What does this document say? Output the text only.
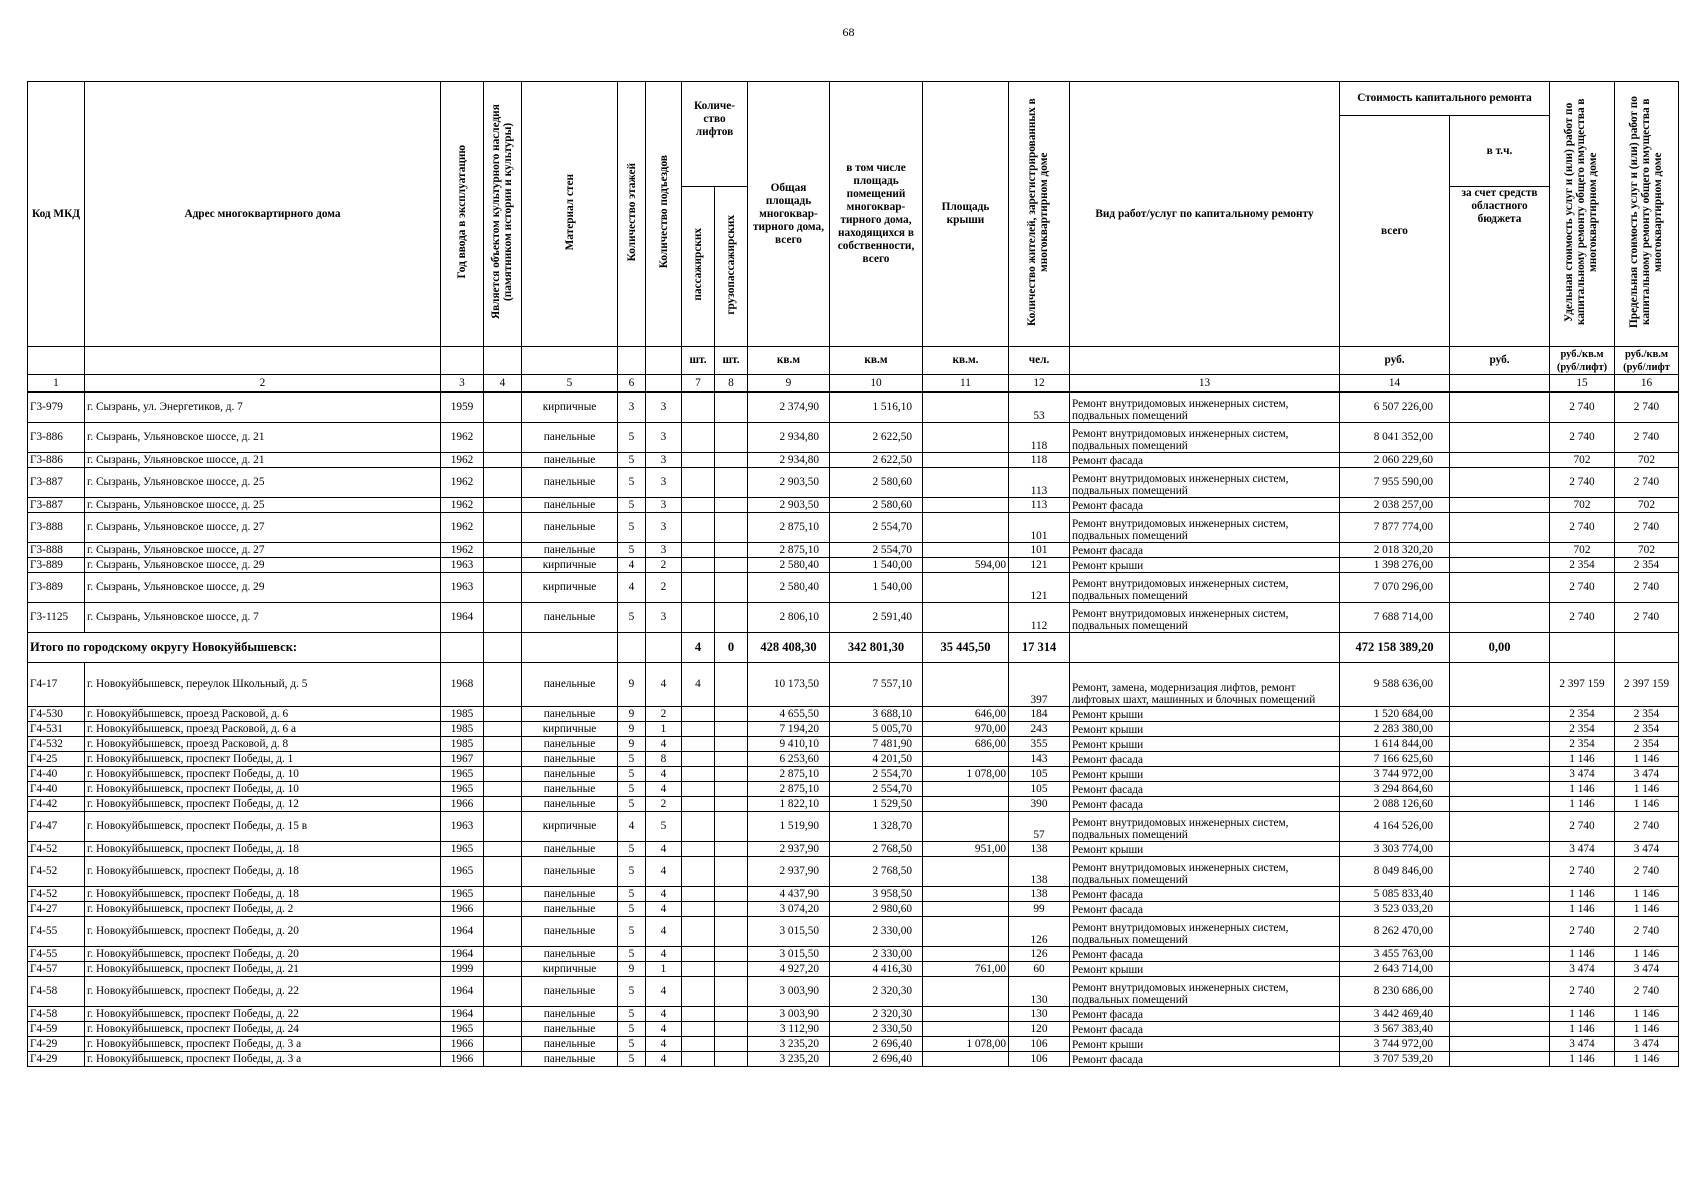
68
Код МКД	Адрес многоквартирного дома	Год ввода в эксплуатацию	Является объектом культурного наследия (памятником истории и культуры)	Материал стен	Количество этажей	Количество подъездов	Количе-ство лифтов		Общая площадь многоквар-тирного дома, всего	в том числе площадь помещений многоквар-тирного дома, находящихся в собственности, всего	Площадь крыши	Количество жителей, зарегистрированных в многоквартирном доме	Вид работ/услуг по капитальному ремонту	Стоимость капитального ремонта		Удельная стоимость услуг и (или) работ по капитальному ремонту общего имущества в многоквартирном доме	Предельная стоимость услуг и (или) работ по капитальному ремонту общего имущества в многоквартирном доме
														всего	в т.ч.		
							пассажирских	грузопассажирских							за счет средств областного бюджета		
							шт.	шт.	кв.м	кв.м	кв.м.	чел.		руб.	руб.	руб./кв.м (руб/лифт)	руб./кв.м (руб/лифт
1	2	3	4	5	6		7	8	9	10	11	12	13	14		15	16
Г3-979	г. Сызрань, ул. Энергетиков, д. 7	1959		кирпичные	3	3			2 374,90	1 516,10		53	Ремонт внутридомовых инженерных систем, подвальных помещений	6 507 226,00		2 740	2 740
Г3-886	г. Сызрань, Ульяновское шоссе, д. 21	1962		панельные	5	3			2 934,80	2 622,50		118	Ремонт внутридомовых инженерных систем, подвальных помещений	8 041 352,00		2 740	2 740
Г3-886	г. Сызрань, Ульяновское шоссе, д. 21	1962		панельные	5	3			2 934,80	2 622,50		118	Ремонт фасада	2 060 229,60		702	702
Г3-887	г. Сызрань, Ульяновское шоссе, д. 25	1962		панельные	5	3			2 903,50	2 580,60		113	Ремонт внутридомовых инженерных систем, подвальных помещений	7 955 590,00		2 740	2 740
Г3-887	г. Сызрань, Ульяновское шоссе, д. 25	1962		панельные	5	3			2 903,50	2 580,60		113	Ремонт фасада	2 038 257,00		702	702
Г3-888	г. Сызрань, Ульяновское шоссе, д. 27	1962		панельные	5	3			2 875,10	2 554,70		101	Ремонт внутридомовых инженерных систем, подвальных помещений	7 877 774,00		2 740	2 740
Г3-888	г. Сызрань, Ульяновское шоссе, д. 27	1962		панельные	5	3			2 875,10	2 554,70		101	Ремонт фасада	2 018 320,20		702	702
Г3-889	г. Сызрань, Ульяновское шоссе, д. 29	1963		кирпичные	4	2			2 580,40	1 540,00	594,00	121	Ремонт крыши	1 398 276,00		2 354	2 354
Г3-889	г. Сызрань, Ульяновское шоссе, д. 29	1963		кирпичные	4	2			2 580,40	1 540,00		121	Ремонт внутридомовых инженерных систем, подвальных помещений	7 070 296,00		2 740	2 740
Г3-1125	г. Сызрань, Ульяновское шоссе, д. 7	1964		панельные	5	3			2 806,10	2 591,40		112	Ремонт внутридомовых инженерных систем, подвальных помещений	7 688 714,00		2 740	2 740
Итого по городскому округу Новокуйбышевск:							4	0	428 408,30	342 801,30	35 445,50	17 314		472 158 389,20	0,00		
Г4-17	г. Новокуйбышевск, переулок Школьный, д. 5	1968		панельные	9	4	4		10 173,50	7 557,10		397	Ремонт, замена, модернизация лифтов, ремонт лифтовых шахт, машинных и блочных помещений	9 588 636,00		2 397 159	2 397 159
Г4-530	г. Новокуйбышевск, проезд Расковой, д. 6	1985		панельные	9	2			4 655,50	3 688,10	646,00	184	Ремонт крыши	1 520 684,00		2 354	2 354
Г4-531	г. Новокуйбышевск, проезд Расковой, д. 6 а	1985		кирпичные	9	1			7 194,20	5 005,70	970,00	243	Ремонт крыши	2 283 380,00		2 354	2 354
Г4-532	г. Новокуйбышевск, проезд Расковой, д. 8	1985		панельные	9	4			9 410,10	7 481,90	686,00	355	Ремонт крыши	1 614 844,00		2 354	2 354
Г4-25	г. Новокуйбышевск, проспект Победы, д. 1	1967		панельные	5	8			6 253,60	4 201,50		143	Ремонт фасада	7 166 625,60		1 146	1 146
Г4-40	г. Новокуйбышевск, проспект Победы, д. 10	1965		панельные	5	4			2 875,10	2 554,70	1 078,00	105	Ремонт крыши	3 744 972,00		3 474	3 474
Г4-40	г. Новокуйбышевск, проспект Победы, д. 10	1965		панельные	5	4			2 875,10	2 554,70		105	Ремонт фасада	3 294 864,60		1 146	1 146
Г4-42	г. Новокуйбышевск, проспект Победы, д. 12	1966		панельные	5	2			1 822,10	1 529,50		390	Ремонт фасада	2 088 126,60		1 146	1 146
Г4-47	г. Новокуйбышевск, проспект Победы, д. 15 в	1963		кирпичные	4	5			1 519,90	1 328,70		57	Ремонт внутридомовых инженерных систем, подвальных помещений	4 164 526,00		2 740	2 740
Г4-52	г. Новокуйбышевск, проспект Победы, д. 18	1965		панельные	5	4			2 937,90	2 768,50	951,00	138	Ремонт крыши	3 303 774,00		3 474	3 474
Г4-52	г. Новокуйбышевск, проспект Победы, д. 18	1965		панельные	5	4			2 937,90	2 768,50		138	Ремонт внутридомовых инженерных систем, подвальных помещений	8 049 846,00		2 740	2 740
Г4-52	г. Новокуйбышевск, проспект Победы, д. 18	1965		панельные	5	4			4 437,90	3 958,50		138	Ремонт фасада	5 085 833,40		1 146	1 146
Г4-27	г. Новокуйбышевск, проспект Победы, д. 2	1966		панельные	5	4			3 074,20	2 980,60		99	Ремонт фасада	3 523 033,20		1 146	1 146
Г4-55	г. Новокуйбышевск, проспект Победы, д. 20	1964		панельные	5	4			3 015,50	2 330,00		126	Ремонт внутридомовых инженерных систем, подвальных помещений	8 262 470,00		2 740	2 740
Г4-55	г. Новокуйбышевск, проспект Победы, д. 20	1964		панельные	5	4			3 015,50	2 330,00		126	Ремонт фасада	3 455 763,00		1 146	1 146
Г4-57	г. Новокуйбышевск, проспект Победы, д. 21	1999		кирпичные	9	1			4 927,20	4 416,30	761,00	60	Ремонт крыши	2 643 714,00		3 474	3 474
Г4-58	г. Новокуйбышевск, проспект Победы, д. 22	1964		панельные	5	4			3 003,90	2 320,30		130	Ремонт внутридомовых инженерных систем, подвальных помещений	8 230 686,00		2 740	2 740
Г4-58	г. Новокуйбышевск, проспект Победы, д. 22	1964		панельные	5	4			3 003,90	2 320,30		130	Ремонт фасада	3 442 469,40		1 146	1 146
Г4-59	г. Новокуйбышевск, проспект Победы, д. 24	1965		панельные	5	4			3 112,90	2 330,50		120	Ремонт фасада	3 567 383,40		1 146	1 146
Г4-29	г. Новокуйбышевск, проспект Победы, д. 3 а	1966		панельные	5	4			3 235,20	2 696,40	1 078,00	106	Ремонт крыши	3 744 972,00		3 474	3 474
Г4-29	г. Новокуйбышевск, проспект Победы, д. 3 а	1966		панельные	5	4			3 235,20	2 696,40		106	Ремонт фасада	3 707 539,20		1 146	1 146
